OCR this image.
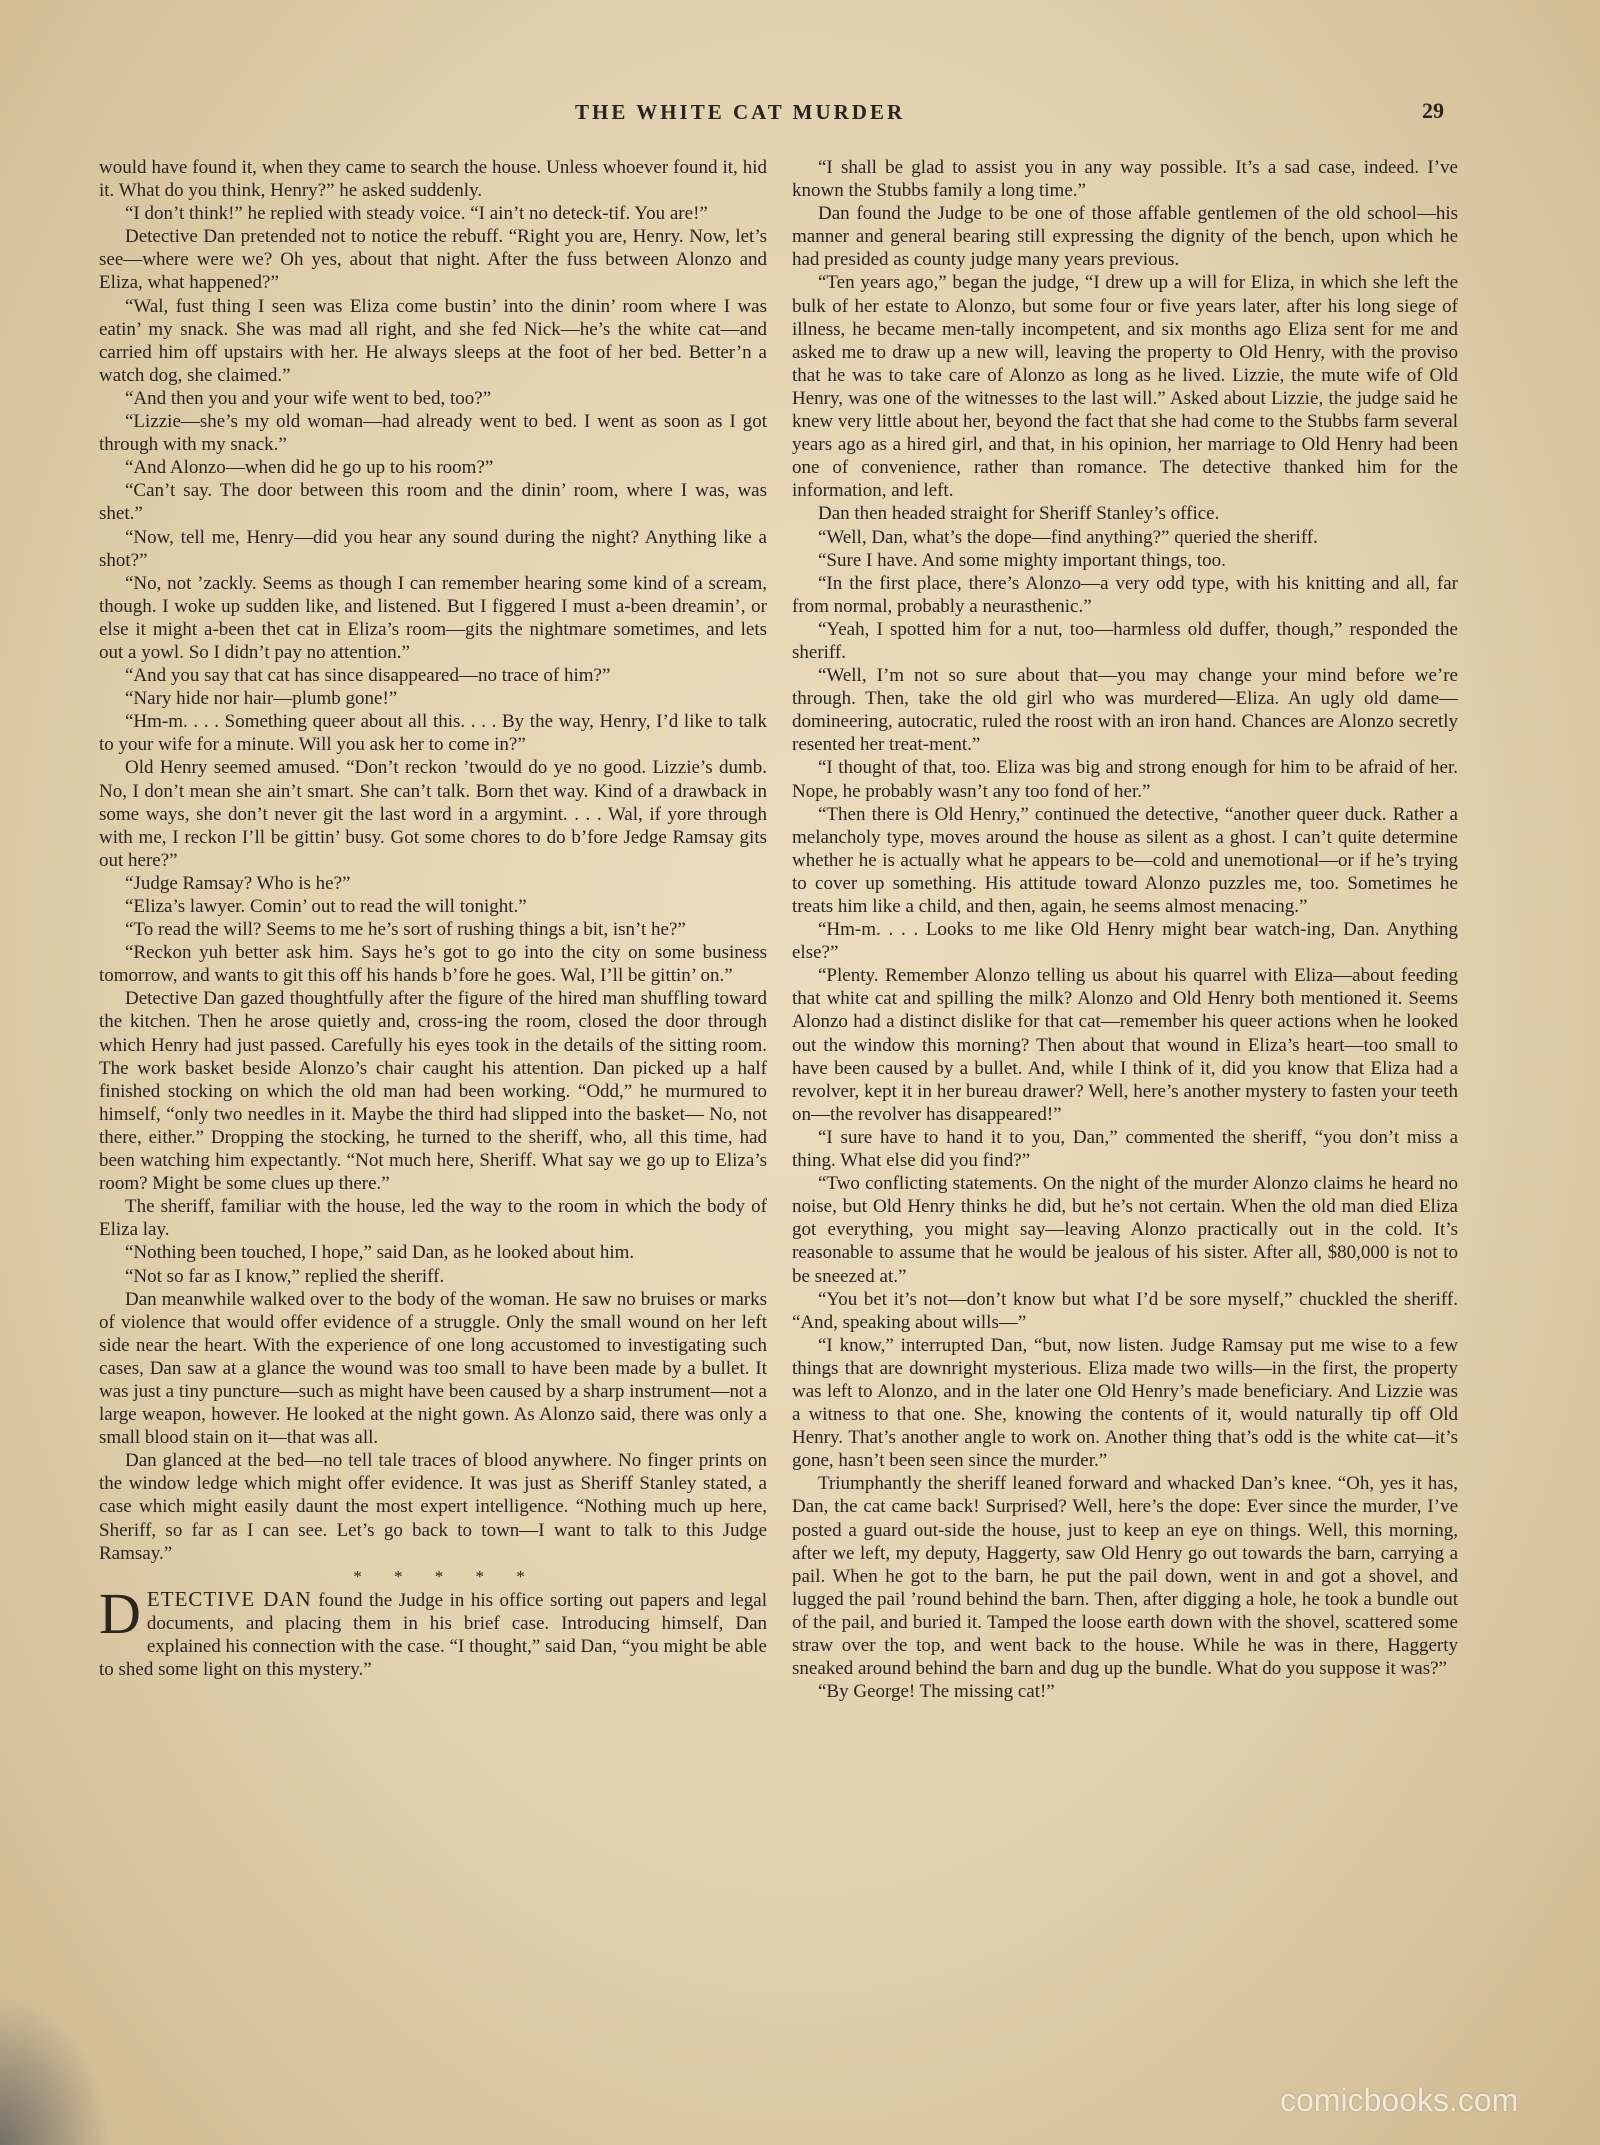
THE WHITE CAT MURDER	29

would have found it, when they came to search the house. Unless whoever found it, hid it. What do you think, Henry?” he asked suddenly.

“I don’t think!” he replied with steady voice. “I ain’t no deteck-tif. You are!”

Detective Dan pretended not to notice the rebuff. “Right you are, Henry. Now, let’s see—where were we? Oh yes, about that night. After the fuss between Alonzo and Eliza, what happened?”

“Wal, fust thing I seen was Eliza come bustin’ into the dinin’ room where I was eatin’ my snack. She was mad all right, and she fed Nick—he’s the white cat—and carried him off upstairs with her. He always sleeps at the foot of her bed. Better’n a watch dog, she claimed.”

“And then you and your wife went to bed, too?”

“Lizzie—she’s my old woman—had already went to bed. I went as soon as I got through with my snack.”

“And Alonzo—when did he go up to his room?”

“Can’t say. The door between this room and the dinin’ room, where I was, was shet.”

“Now, tell me, Henry—did you hear any sound during the night? Anything like a shot?”

“No, not ’zackly. Seems as though I can remember hearing some kind of a scream, though. I woke up sudden like, and listened. But I figgered I must a-been dreamin’, or else it might a-been thet cat in Eliza’s room—gits the nightmare sometimes, and lets out a yowl. So I didn’t pay no attention.”

“And you say that cat has since disappeared—no trace of him?”

“Nary hide nor hair—plumb gone!”

“Hm-m. . . . Something queer about all this. . . . By the way, Henry, I’d like to talk to your wife for a minute. Will you ask her to come in?”

Old Henry seemed amused. “Don’t reckon ’twould do ye no good. Lizzie’s dumb. No, I don’t mean she ain’t smart. She can’t talk. Born thet way. Kind of a drawback in some ways, she don’t never git the last word in a argymint. . . . Wal, if yore through with me, I reckon I’ll be gittin’ busy. Got some chores to do b’fore Jedge Ramsay gits out here?”

“Judge Ramsay? Who is he?”

“Eliza’s lawyer. Comin’ out to read the will tonight.”

“To read the will? Seems to me he’s sort of rushing things a bit, isn’t he?”

“Reckon yuh better ask him. Says he’s got to go into the city on some business tomorrow, and wants to git this off his hands b’fore he goes. Wal, I’ll be gittin’ on.”

Detective Dan gazed thoughtfully after the figure of the hired man shuffling toward the kitchen. Then he arose quietly and, cross-ing the room, closed the door through which Henry had just passed. Carefully his eyes took in the details of the sitting room. The work basket beside Alonzo’s chair caught his attention. Dan picked up a half finished stocking on which the old man had been working. “Odd,” he murmured to himself, “only two needles in it. Maybe the third had slipped into the basket— No, not there, either.” Dropping the stocking, he turned to the sheriff, who, all this time, had been watching him expectantly. “Not much here, Sheriff. What say we go up to Eliza’s room? Might be some clues up there.”

The sheriff, familiar with the house, led the way to the room in which the body of Eliza lay.

“Nothing been touched, I hope,” said Dan, as he looked about him.

“Not so far as I know,” replied the sheriff.

Dan meanwhile walked over to the body of the woman. He saw no bruises or marks of violence that would offer evidence of a struggle. Only the small wound on her left side near the heart. With the experience of one long accustomed to investigating such cases, Dan saw at a glance the wound was too small to have been made by a bullet. It was just a tiny puncture—such as might have been caused by a sharp instrument—not a large weapon, however. He looked at the night gown. As Alonzo said, there was only a small blood stain on it—that was all.

Dan glanced at the bed—no tell tale traces of blood anywhere. No finger prints on the window ledge which might offer evidence. It was just as Sheriff Stanley stated, a case which might easily daunt the most expert intelligence. “Nothing much up here, Sheriff, so far as I can see. Let’s go back to town—I want to talk to this Judge Ramsay.”

* * * * *

DETECTIVE DAN found the Judge in his office sorting out papers and legal documents, and placing them in his brief case. Introducing himself, Dan explained his connection with the case. “I thought,” said Dan, “you might be able to shed some light on this mystery.”

“I shall be glad to assist you in any way possible. It’s a sad case, indeed. I’ve known the Stubbs family a long time.”

Dan found the Judge to be one of those affable gentlemen of the old school—his manner and general bearing still expressing the dignity of the bench, upon which he had presided as county judge many years previous.

“Ten years ago,” began the judge, “I drew up a will for Eliza, in which she left the bulk of her estate to Alonzo, but some four or five years later, after his long siege of illness, he became men-tally incompetent, and six months ago Eliza sent for me and asked me to draw up a new will, leaving the property to Old Henry, with the proviso that he was to take care of Alonzo as long as he lived. Lizzie, the mute wife of Old Henry, was one of the witnesses to the last will.” Asked about Lizzie, the judge said he knew very little about her, beyond the fact that she had come to the Stubbs farm several years ago as a hired girl, and that, in his opinion, her marriage to Old Henry had been one of convenience, rather than romance. The detective thanked him for the information, and left.

Dan then headed straight for Sheriff Stanley’s office.

“Well, Dan, what’s the dope—find anything?” queried the sheriff.

“Sure I have. And some mighty important things, too.

“In the first place, there’s Alonzo—a very odd type, with his knitting and all, far from normal, probably a neurasthenic.”

“Yeah, I spotted him for a nut, too—harmless old duffer, though,” responded the sheriff.

“Well, I’m not so sure about that—you may change your mind before we’re through. Then, take the old girl who was murdered—Eliza. An ugly old dame—domineering, autocratic, ruled the roost with an iron hand. Chances are Alonzo secretly resented her treat-ment.”

“I thought of that, too. Eliza was big and strong enough for him to be afraid of her. Nope, he probably wasn’t any too fond of her.”

“Then there is Old Henry,” continued the detective, “another queer duck. Rather a melancholy type, moves around the house as silent as a ghost. I can’t quite determine whether he is actually what he appears to be—cold and unemotional—or if he’s trying to cover up something. His attitude toward Alonzo puzzles me, too. Sometimes he treats him like a child, and then, again, he seems almost menacing.”

“Hm-m. . . . Looks to me like Old Henry might bear watch-ing, Dan. Anything else?”

“Plenty. Remember Alonzo telling us about his quarrel with Eliza—about feeding that white cat and spilling the milk? Alonzo and Old Henry both mentioned it. Seems Alonzo had a distinct dislike for that cat—remember his queer actions when he looked out the window this morning? Then about that wound in Eliza’s heart—too small to have been caused by a bullet. And, while I think of it, did you know that Eliza had a revolver, kept it in her bureau drawer? Well, here’s another mystery to fasten your teeth on—the revolver has disappeared!”

“I sure have to hand it to you, Dan,” commented the sheriff, “you don’t miss a thing. What else did you find?”

“Two conflicting statements. On the night of the murder Alonzo claims he heard no noise, but Old Henry thinks he did, but he’s not certain. When the old man died Eliza got everything, you might say—leaving Alonzo practically out in the cold. It’s reasonable to assume that he would be jealous of his sister. After all, $80,000 is not to be sneezed at.”

“You bet it’s not—don’t know but what I’d be sore myself,” chuckled the sheriff. “And, speaking about wills—”

“I know,” interrupted Dan, “but, now listen. Judge Ramsay put me wise to a few things that are downright mysterious. Eliza made two wills—in the first, the property was left to Alonzo, and in the later one Old Henry’s made beneficiary. And Lizzie was a witness to that one. She, knowing the contents of it, would naturally tip off Old Henry. That’s another angle to work on. Another thing that’s odd is the white cat—it’s gone, hasn’t been seen since the murder.”

Triumphantly the sheriff leaned forward and whacked Dan’s knee. “Oh, yes it has, Dan, the cat came back! Surprised? Well, here’s the dope: Ever since the murder, I’ve posted a guard out-side the house, just to keep an eye on things. Well, this morning, after we left, my deputy, Haggerty, saw Old Henry go out towards the barn, carrying a pail. When he got to the barn, he put the pail down, went in and got a shovel, and lugged the pail ’round behind the barn. Then, after digging a hole, he took a bundle out of the pail, and buried it. Tamped the loose earth down with the shovel, scattered some straw over the top, and went back to the house. While he was in there, Haggerty sneaked around behind the barn and dug up the bundle. What do you suppose it was?”

“By George! The missing cat!”

comicbooks.com
